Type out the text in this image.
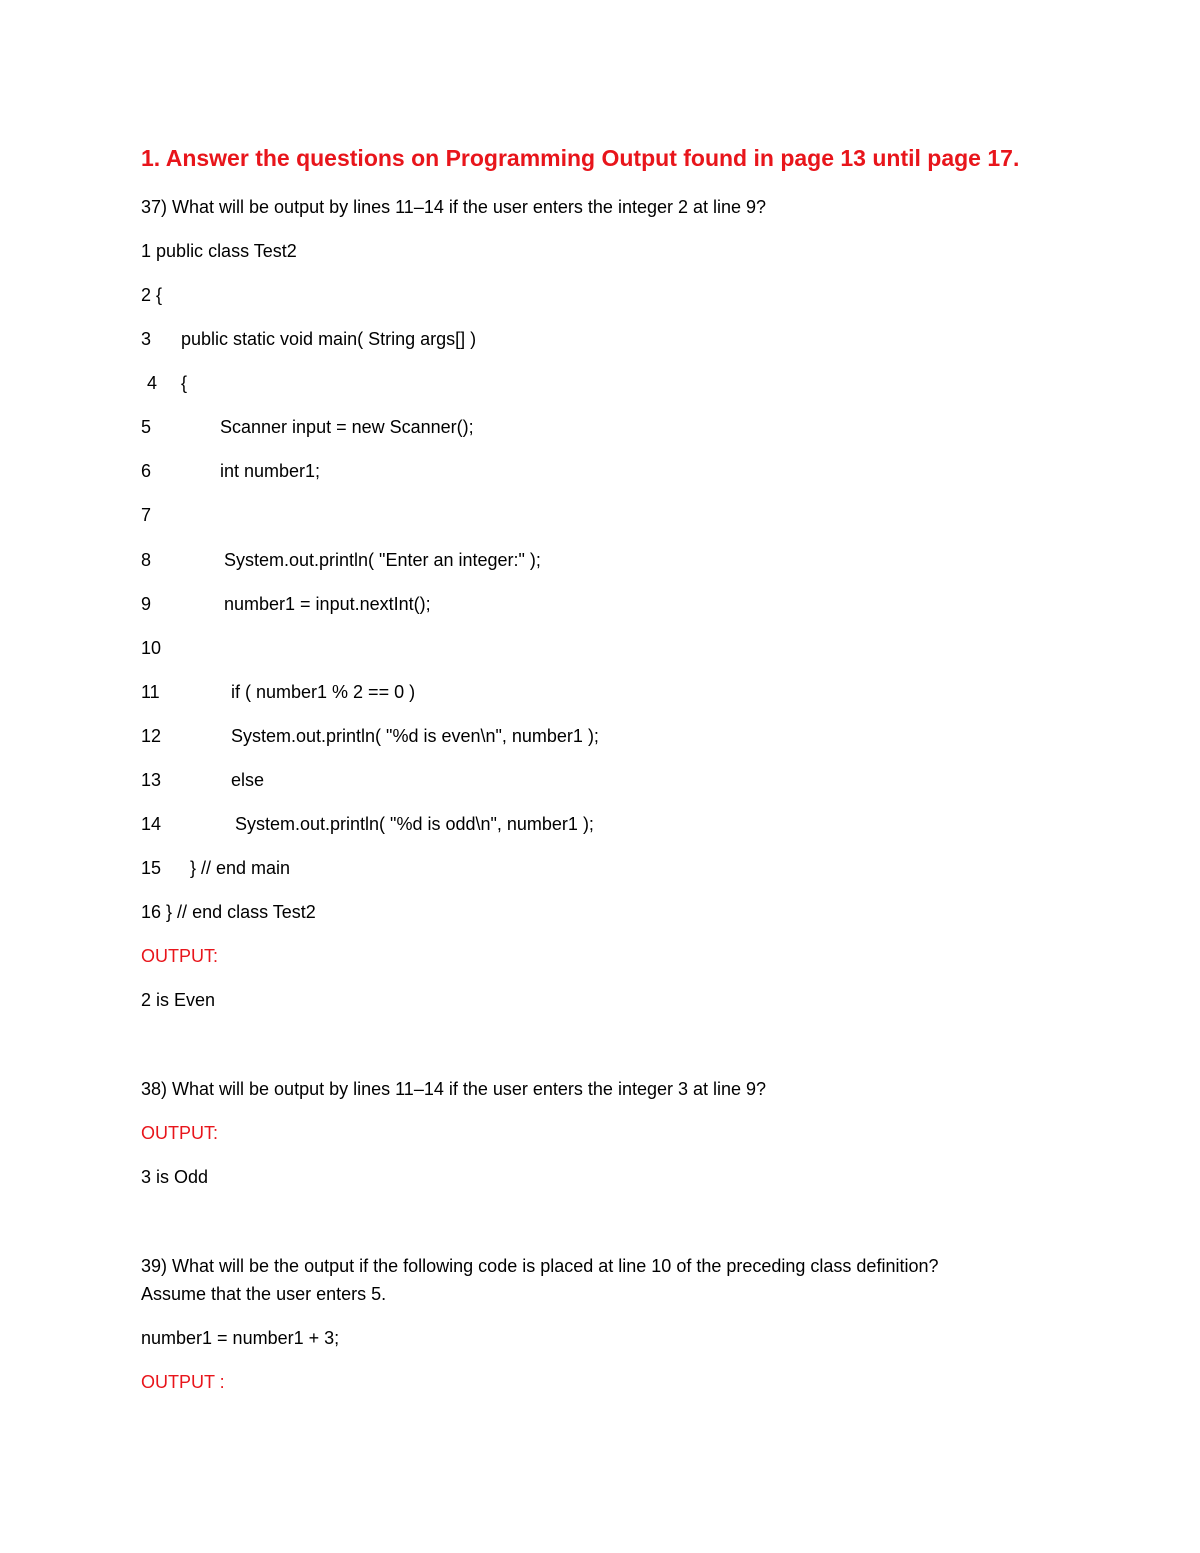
1. Answer the questions on Programming Output found in page 13 until page 17.
37) What will be output by lines 11–14 if the user enters the integer 2 at line 9?
1 public class Test2
2 {
3 public static void main( String args[] )
4 {
5	Scanner input = new Scanner();
6	int number1;
7
8	System.out.println( "Enter an integer:" );
9	number1 = input.nextInt();
10
11	if ( number1 % 2 == 0 )
12	System.out.println( "%d is even\n", number1 );
13	else
14	System.out.println( "%d is odd\n", number1 );
15 } // end main
16 } // end class Test2
OUTPUT:
2 is Even
38) What will be output by lines 11–14 if the user enters the integer 3 at line 9?
OUTPUT:
3 is Odd
39) What will be the output if the following code is placed at line 10 of the preceding class definition?
Assume that the user enters 5.
number1 = number1 + 3;
OUTPUT :
